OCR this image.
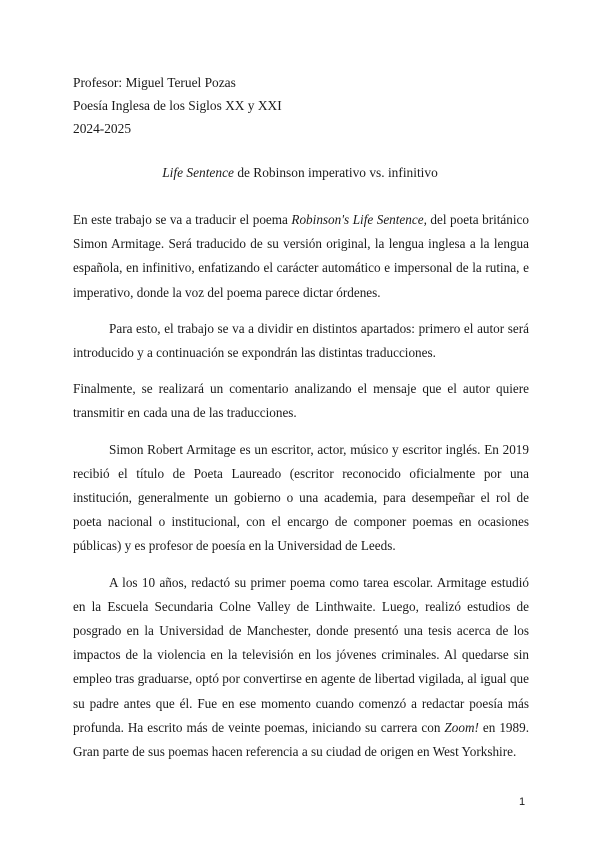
Profesor: Miguel Teruel Pozas
Poesía Inglesa de los Siglos XX y XXI
2024-2025
Life Sentence de Robinson imperativo vs. infinitivo

En este trabajo se va a traducir el poema Robinson's Life Sentence, del poeta británico Simon Armitage. Será traducido de su versión original, la lengua inglesa a la lengua española, en infinitivo, enfatizando el carácter automático e impersonal de la rutina, e imperativo, donde la voz del poema parece dictar órdenes.

Para esto, el trabajo se va a dividir en distintos apartados: primero el autor será introducido y a continuación se expondrán las distintas traducciones.

Finalmente, se realizará un comentario analizando el mensaje que el autor quiere transmitir en cada una de las traducciones.

Simon Robert Armitage es un escritor, actor, músico y escritor inglés. En 2019 recibió el título de Poeta Laureado (escritor reconocido oficialmente por una institución, generalmente un gobierno o una academia, para desempeñar el rol de poeta nacional o institucional, con el encargo de componer poemas en ocasiones públicas) y es profesor de poesía en la Universidad de Leeds.

A los 10 años, redactó su primer poema como tarea escolar. Armitage estudió en la Escuela Secundaria Colne Valley de Linthwaite. Luego, realizó estudios de posgrado en la Universidad de Manchester, donde presentó una tesis acerca de los impactos de la violencia en la televisión en los jóvenes criminales. Al quedarse sin empleo tras graduarse, optó por convertirse en agente de libertad vigilada, al igual que su padre antes que él. Fue en ese momento cuando comenzó a redactar poesía más profunda. Ha escrito más de veinte poemas, iniciando su carrera con Zoom! en 1989. Gran parte de sus poemas hacen referencia a su ciudad de origen en West Yorkshire.

1
